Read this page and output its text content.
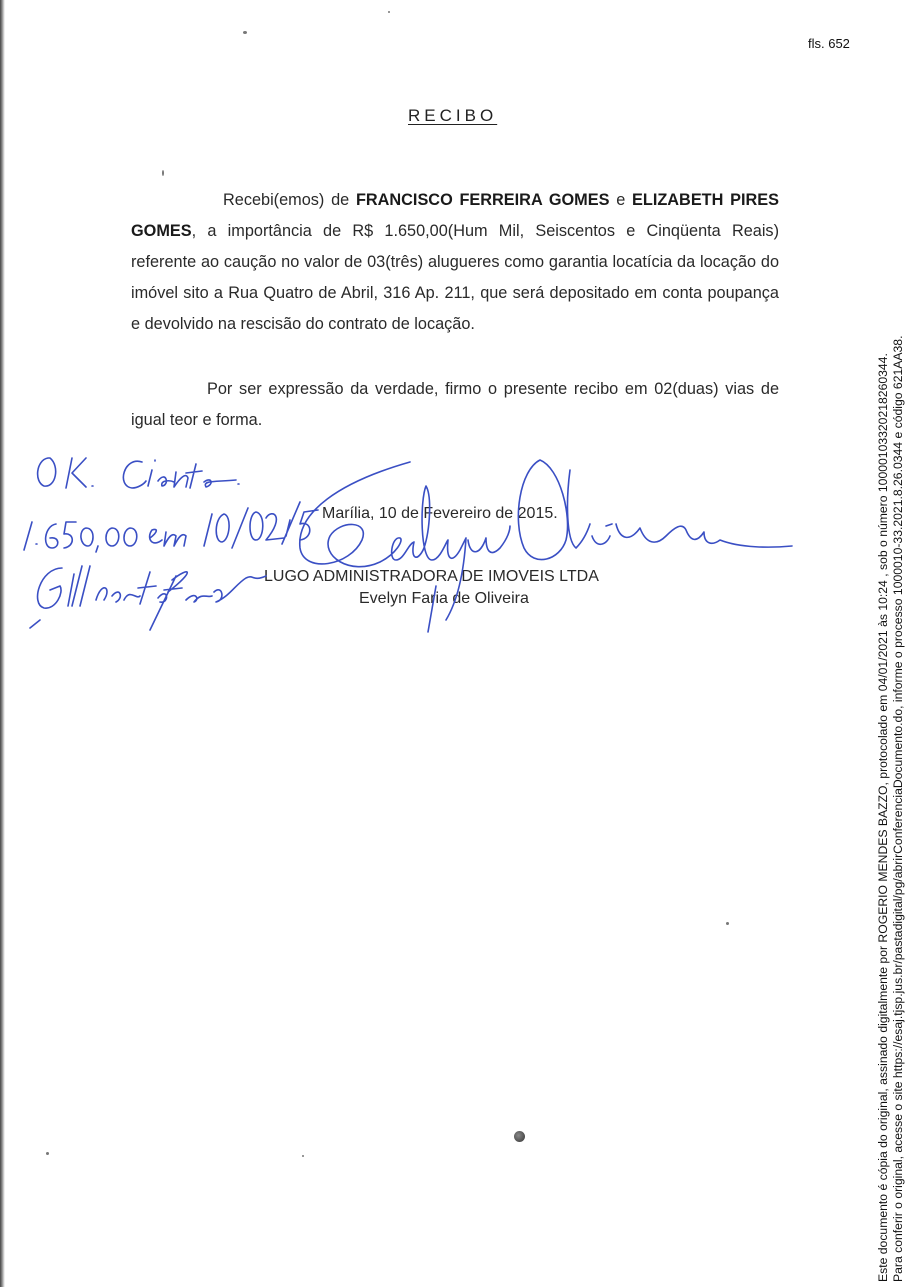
fls. 652
RECIBO
Recebi(emos) de FRANCISCO FERREIRA GOMES e ELIZABETH PIRES GOMES, a importância de R$ 1.650,00(Hum Mil, Seiscentos e Cinqüenta Reais) referente ao caução no valor de 03(três) alugueres como garantia locatícia da locação do imóvel sito a Rua Quatro de Abril, 316 Ap. 211, que será depositado em conta poupança e devolvido na rescisão do contrato de locação.
Por ser expressão da verdade, firmo o presente recibo em 02(duas) vias de igual teor e forma.
Marília, 10 de Fevereiro de 2015.
LUGO ADMINISTRADORA DE IMOVEIS LTDA
Evelyn Faria de Oliveira	Este documento é cópia do original, assinado digitalmente por ROGERIO MENDES BAZZO, protocolado em 04/01/2021 às 10:24 , sob o número 10000103320218260344. Para conferir o original, acesse o site https://esaj.tjsp.jus.br/pastadigital/pg/abrirConferenciaDocumento.do, informe o processo 1000010-33.2021.8.26.0344 e código 621AA38.
